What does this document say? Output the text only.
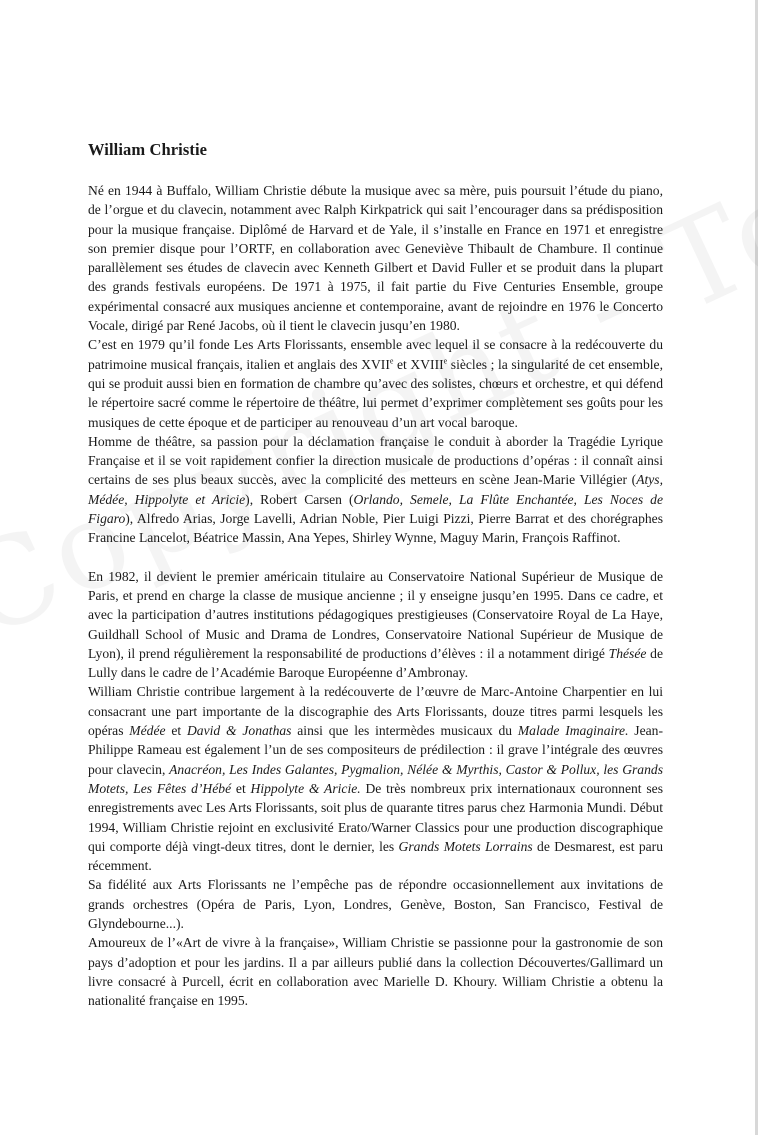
William Christie

Né en 1944 à Buffalo, William Christie débute la musique avec sa mère, puis poursuit l’étude du piano, de l’orgue et du clavecin, notamment avec Ralph Kirkpatrick qui sait l’encourager dans sa prédisposition pour la musique française. Diplômé de Harvard et de Yale, il s’installe en France en 1971 et enregistre son premier disque pour l’ORTF, en collaboration avec Geneviève Thibault de Chambure. Il continue parallèlement ses études de clavecin avec Kenneth Gilbert et David Fuller et se produit dans la plupart des grands festivals européens. De 1971 à 1975, il fait partie du Five Centuries Ensemble, groupe expérimental consacré aux musiques ancienne et contemporaine, avant de rejoindre en 1976 le Concerto Vocale, dirigé par René Jacobs, où il tient le clavecin jusqu’en 1980.

C’est en 1979 qu’il fonde Les Arts Florissants, ensemble avec lequel il se consacre à la redécouverte du patrimoine musical français, italien et anglais des XVIIe et XVIIIe siècles ; la singularité de cet ensemble, qui se produit aussi bien en formation de chambre qu’avec des solistes, chœurs et orchestre, et qui défend le répertoire sacré comme le répertoire de théâtre, lui permet d’exprimer complètement ses goûts pour les musiques de cette époque et de participer au renouveau d’un art vocal baroque.

Homme de théâtre, sa passion pour la déclamation française le conduit à aborder la Tragédie Lyrique Française et il se voit rapidement confier la direction musicale de productions d’opéras : il connaît ainsi certains de ses plus beaux succès, avec la complicité des metteurs en scène Jean-Marie Villégier (Atys, Médée, Hippolyte et Aricie), Robert Carsen (Orlando, Semele, La Flûte Enchantée, Les Noces de Figaro), Alfredo Arias, Jorge Lavelli, Adrian Noble, Pier Luigi Pizzi, Pierre Barrat et des chorégraphes Francine Lancelot, Béatrice Massin, Ana Yepes, Shirley Wynne, Maguy Marin, François Raffinot.

En 1982, il devient le premier américain titulaire au Conservatoire National Supérieur de Musique de Paris, et prend en charge la classe de musique ancienne ; il y enseigne jusqu’en 1995. Dans ce cadre, et avec la participation d’autres institutions pédagogiques prestigieuses (Conservatoire Royal de La Haye, Guildhall School of Music and Drama de Londres, Conservatoire National Supérieur de Musique de Lyon), il prend régulièrement la responsabilité de productions d’élèves : il a notamment dirigé Thésée de Lully dans le cadre de l’Académie Baroque Européenne d’Ambronay.

William Christie contribue largement à la redécouverte de l’œuvre de Marc-Antoine Charpentier en lui consacrant une part importante de la discographie des Arts Florissants, douze titres parmi lesquels les opéras Médée et David & Jonathas ainsi que les intermèdes musicaux du Malade Imaginaire. Jean-Philippe Rameau est également l’un de ses compositeurs de prédilection : il grave l’intégrale des œuvres pour clavecin, Anacréon, Les Indes Galantes, Pygmalion, Nélée & Myrthis, Castor & Pollux, les Grands Motets, Les Fêtes d’Hébé et Hippolyte & Aricie. De très nombreux prix internationaux couronnent ses enregistrements avec Les Arts Florissants, soit plus de quarante titres parus chez Harmonia Mundi. Début 1994, William Christie rejoint en exclusivité Erato/Warner Classics pour une production discographique qui comporte déjà vingt-deux titres, dont le dernier, les Grands Motets Lorrains de Desmarest, est paru récemment.

Sa fidélité aux Arts Florissants ne l’empêche pas de répondre occasionnellement aux invitations de grands orchestres (Opéra de Paris, Lyon, Londres, Genève, Boston, San Francisco, Festival de Glyndebourne...).

Amoureux de l’«Art de vivre à la française», William Christie se passionne pour la gastronomie de son pays d’adoption et pour les jardins. Il a par ailleurs publié dans la collection Découvertes/Gallimard un livre consacré à Purcell, écrit en collaboration avec Marielle D. Khoury. William Christie a obtenu la nationalité française en 1995.
